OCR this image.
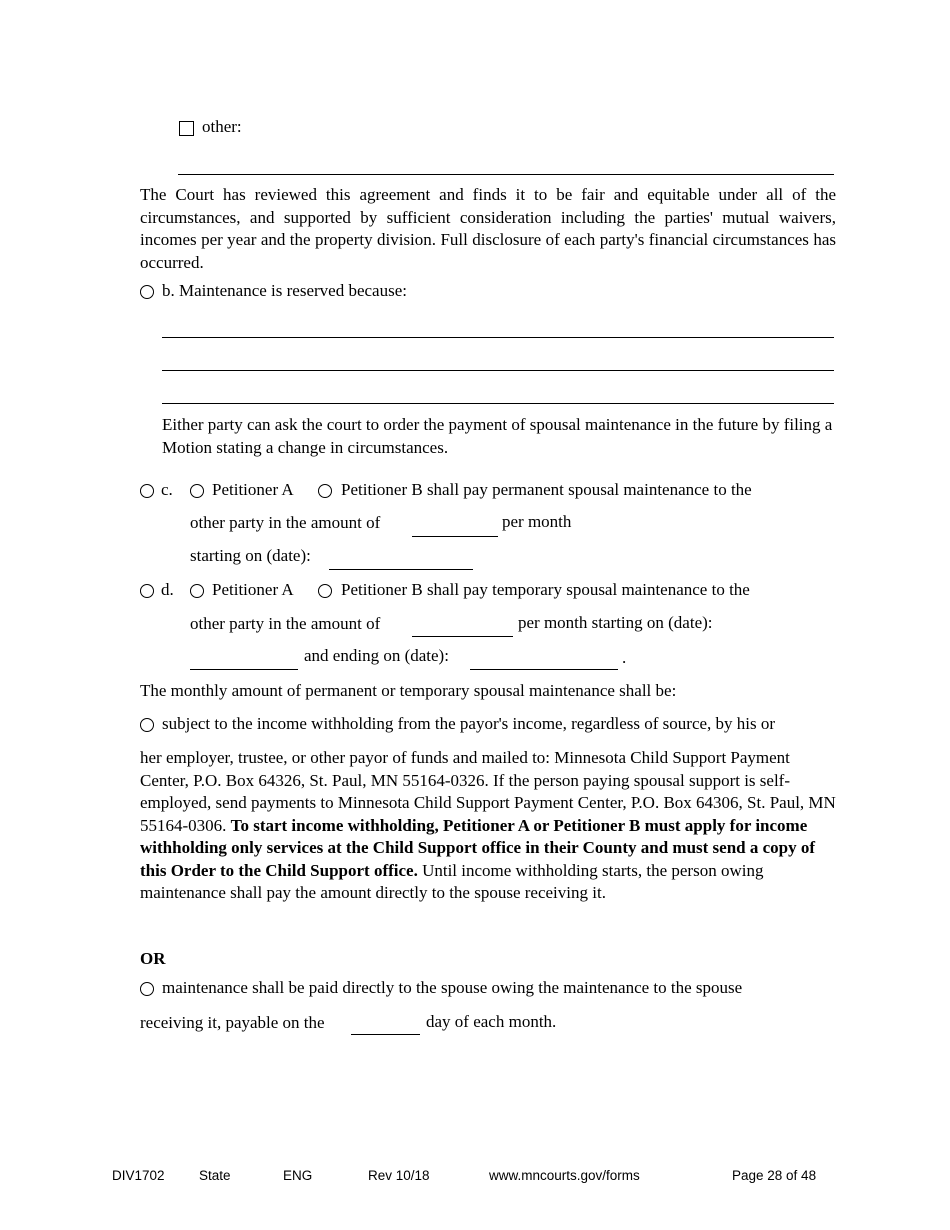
other:
The Court has reviewed this agreement and finds it to be fair and equitable under all of the circumstances, and supported by sufficient consideration including the parties' mutual waivers, incomes per year and the property division. Full disclosure of each party's financial circumstances has occurred.
b. Maintenance is reserved because:
Either party can ask the court to order the payment of spousal maintenance in the future by filing a Motion stating a change in circumstances.
c. Petitioner A	Petitioner B shall pay permanent spousal maintenance to the
other party in the amount of	per month
starting on (date):
d. Petitioner A	Petitioner B shall pay temporary spousal maintenance to the
other party in the amount of	per month starting on (date):
and ending on (date):	.
The monthly amount of permanent or temporary spousal maintenance shall be:
subject to the income withholding from the payor's income, regardless of source, by his or
her employer, trustee, or other payor of funds and mailed to: Minnesota Child Support Payment Center, P.O. Box 64326, St. Paul, MN 55164-0326. If the person paying spousal support is self-employed, send payments to Minnesota Child Support Payment Center, P.O. Box 64306, St. Paul, MN 55164-0306. To start income withholding, Petitioner A or Petitioner B must apply for income withholding only services at the Child Support office in their County and must send a copy of this Order to the Child Support office. Until income withholding starts, the person owing maintenance shall pay the amount directly to the spouse receiving it.
OR
maintenance shall be paid directly to the spouse owing the maintenance to the spouse
receiving it, payable on the	day of each month.
DIV1702	State	ENG	Rev 10/18	www.mncourts.gov/forms	Page 28 of 48
